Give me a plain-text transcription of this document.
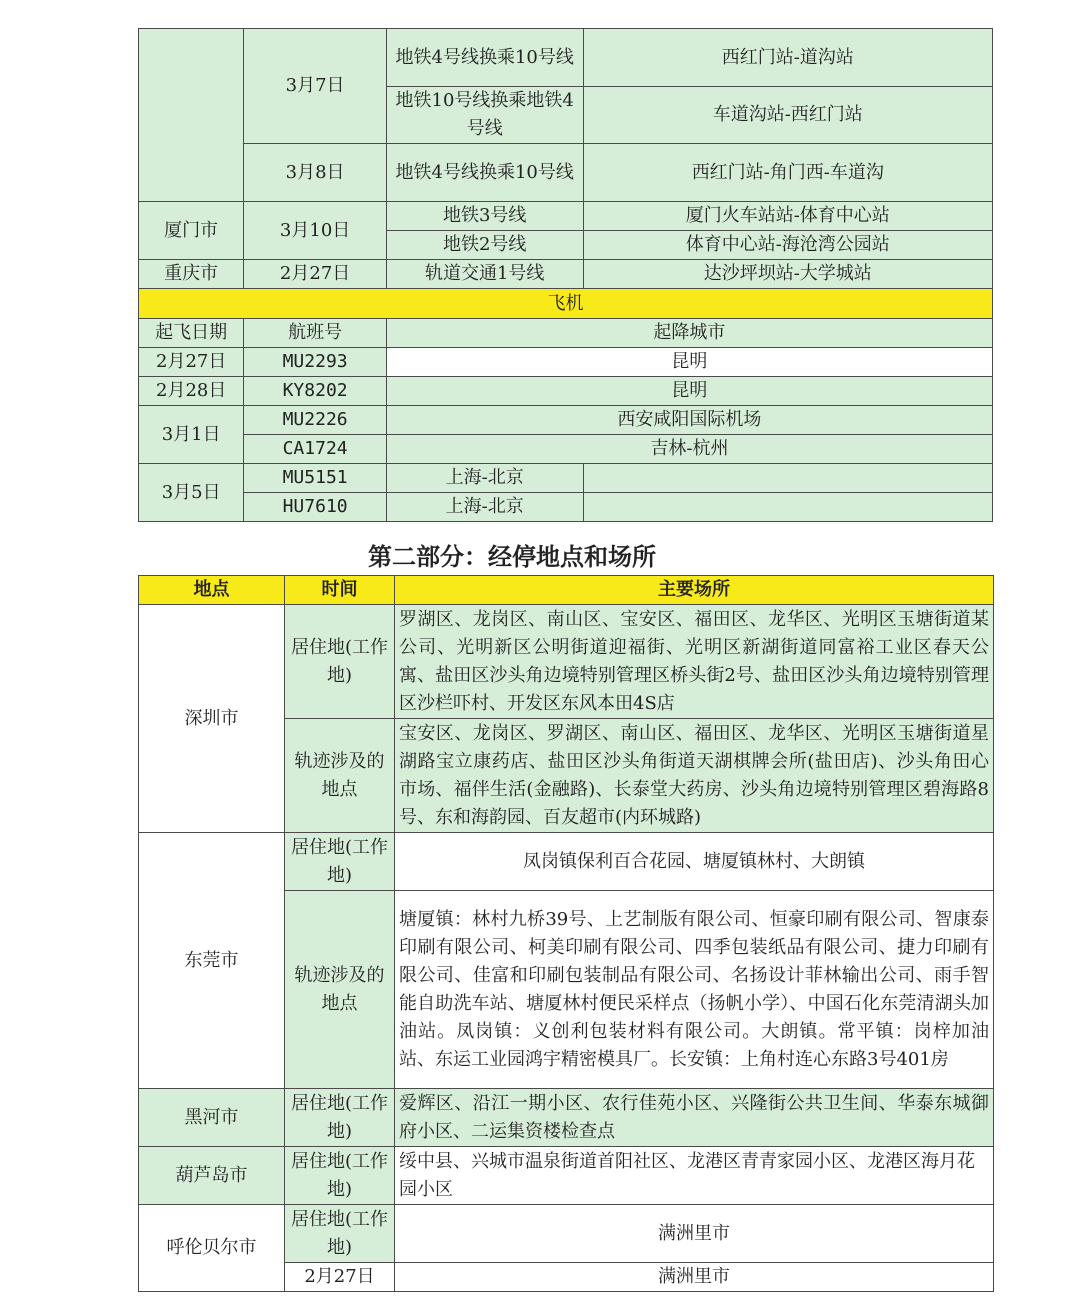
	3月7日	地铁4号线换乘10号线	西红门站-道沟站
		地铁10号线换乘地铁4号线	车道沟站-西红门站
	3月8日	地铁4号线换乘10号线	西红门站-角门西-车道沟
厦门市	3月10日	地铁3号线	厦门火车站站-体育中心站
		地铁2号线	体育中心站-海沧湾公园站
重庆市	2月27日	轨道交通1号线	达沙坪坝站-大学城站
飞机			
起飞日期	航班号	起降城市	
2月27日	MU2293	昆明	
2月28日	KY8202	昆明	
3月1日	MU2226	西安咸阳国际机场	
	CA1724	吉林-杭州	
3月5日	MU5151	上海-北京	
	HU7610	上海-北京	
第二部分：经停地点和场所
地点	时间	主要场所
深圳市	居住地(工作地)	罗湖区、龙岗区、南山区、宝安区、福田区、龙华区、光明区玉塘街道某公司、光明新区公明街道迎福街、光明区新湖街道同富裕工业区春天公寓、盐田区沙头角边境特别管理区桥头街2号、盐田区沙头角边境特别管理区沙栏吓村、开发区东风本田4S店
	轨迹涉及的地点	宝安区、龙岗区、罗湖区、南山区、福田区、龙华区、光明区玉塘街道星湖路宝立康药店、盐田区沙头角街道天湖棋牌会所(盐田店)、沙头角田心市场、福伴生活(金融路)、长泰堂大药房、沙头角边境特别管理区碧海路8号、东和海韵园、百友超市(内环城路)
东莞市	居住地(工作地)	凤岗镇保利百合花园、塘厦镇林村、大朗镇
	轨迹涉及的地点	塘厦镇：林村九桥39号、上艺制版有限公司、恒豪印刷有限公司、智康泰印刷有限公司、柯美印刷有限公司、四季包装纸品有限公司、捷力印刷有限公司、佳富和印刷包装制品有限公司、名扬设计菲林输出公司、雨手智能自助洗车站、塘厦林村便民采样点（扬帆小学）、中国石化东莞清湖头加油站。凤岗镇：义创利包装材料有限公司。大朗镇。常平镇：岗梓加油站、东运工业园鸿宇精密模具厂。长安镇：上角村连心东路3号401房
黑河市	居住地(工作地)	爱辉区、沿江一期小区、农行佳苑小区、兴隆街公共卫生间、华泰东城御府小区、二运集资楼检查点
葫芦岛市	居住地(工作地)	绥中县、兴城市温泉街道首阳社区、龙港区青青家园小区、龙港区海月花园小区
呼伦贝尔市	居住地(工作地)	满洲里市
	2月27日	满洲里市
